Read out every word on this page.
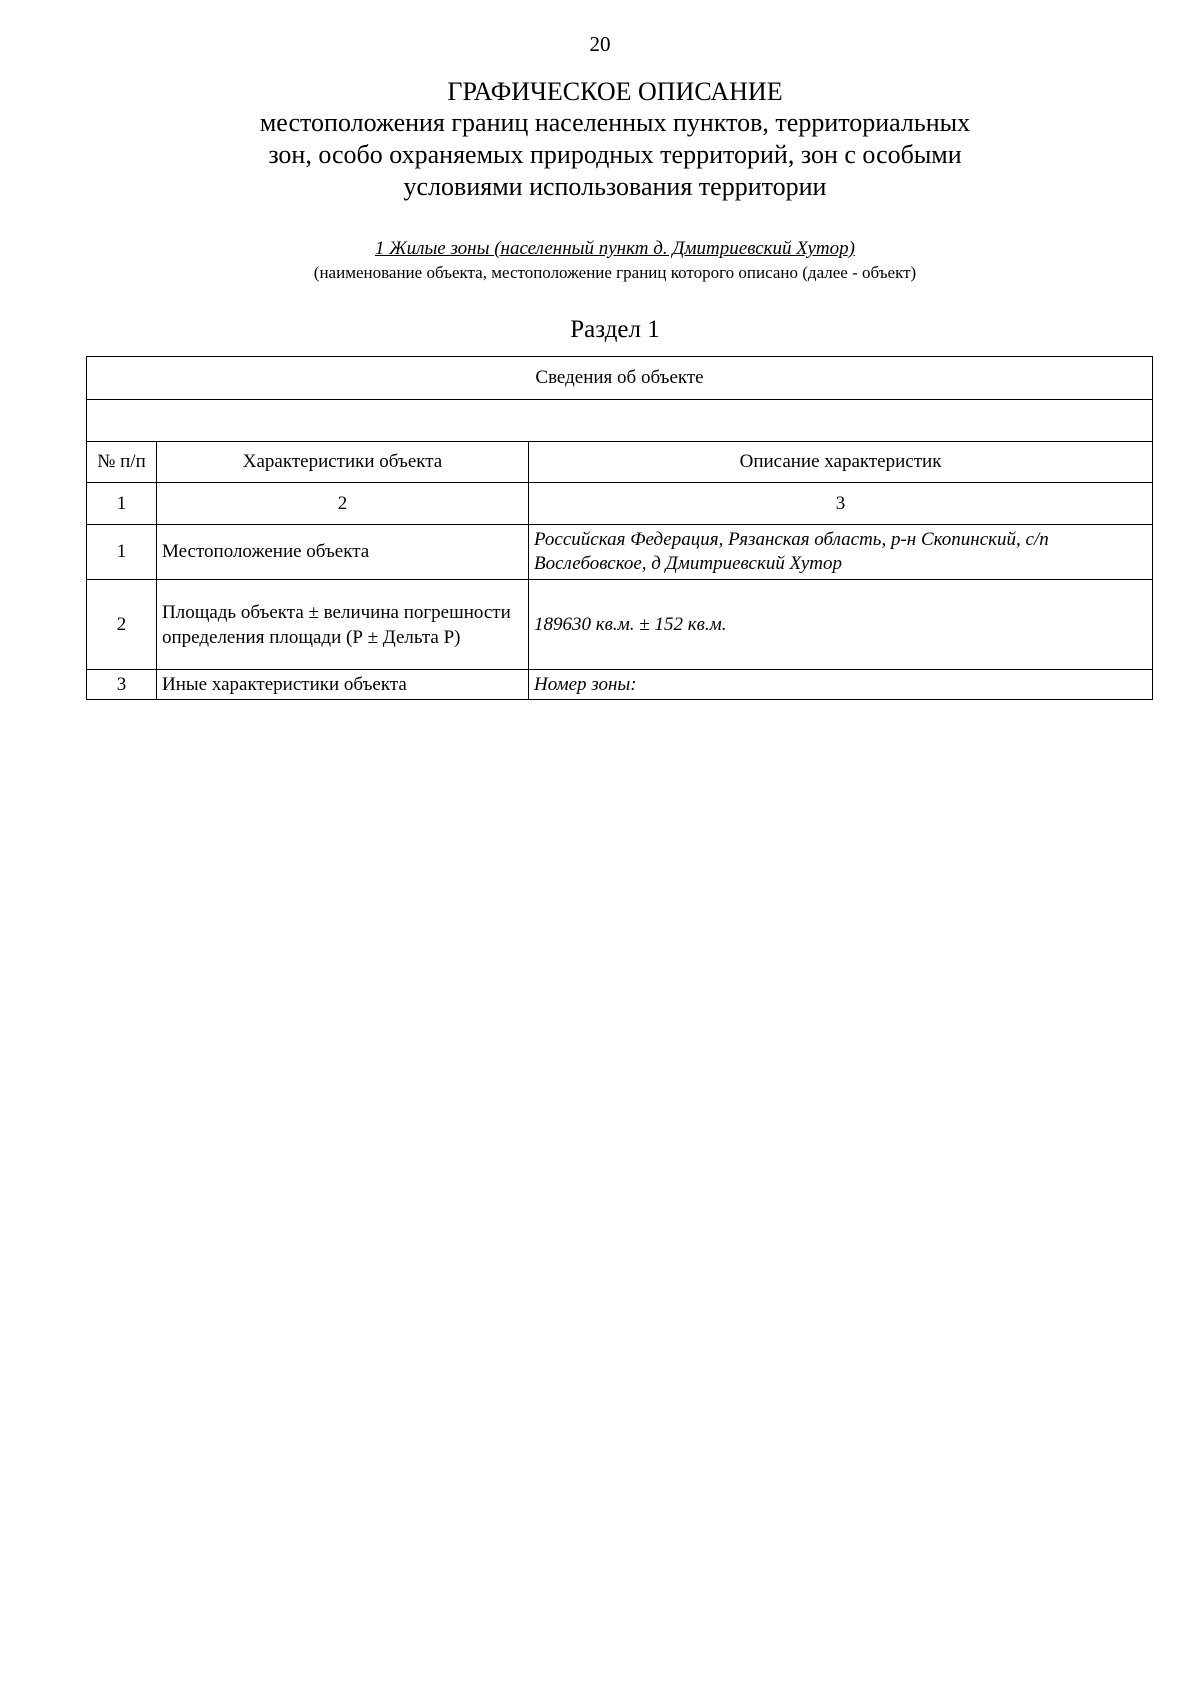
20
ГРАФИЧЕСКОЕ ОПИСАНИЕ
местоположения границ населенных пунктов, территориальных
зон, особо охраняемых природных территорий, зон с особыми
условиями использования территории
1 Жилые зоны (населенный пункт д. Дмитриевский Хутор)
(наименование объекта, местоположение границ которого описано (далее - объект)
Раздел 1
Сведения об объекте		

№ п/п	Характеристики объекта	Описание характеристик
1	2	3
1	Местоположение объекта	Российская Федерация, Рязанская область, р-н Скопинский, с/п Вослебовское, д Дмитриевский Хутор
2	Площадь объекта ± величина погрешности определения площади (Р ± Дельта Р)	189630 кв.м. ± 152 кв.м.
3	Иные характеристики объекта	Номер зоны:
